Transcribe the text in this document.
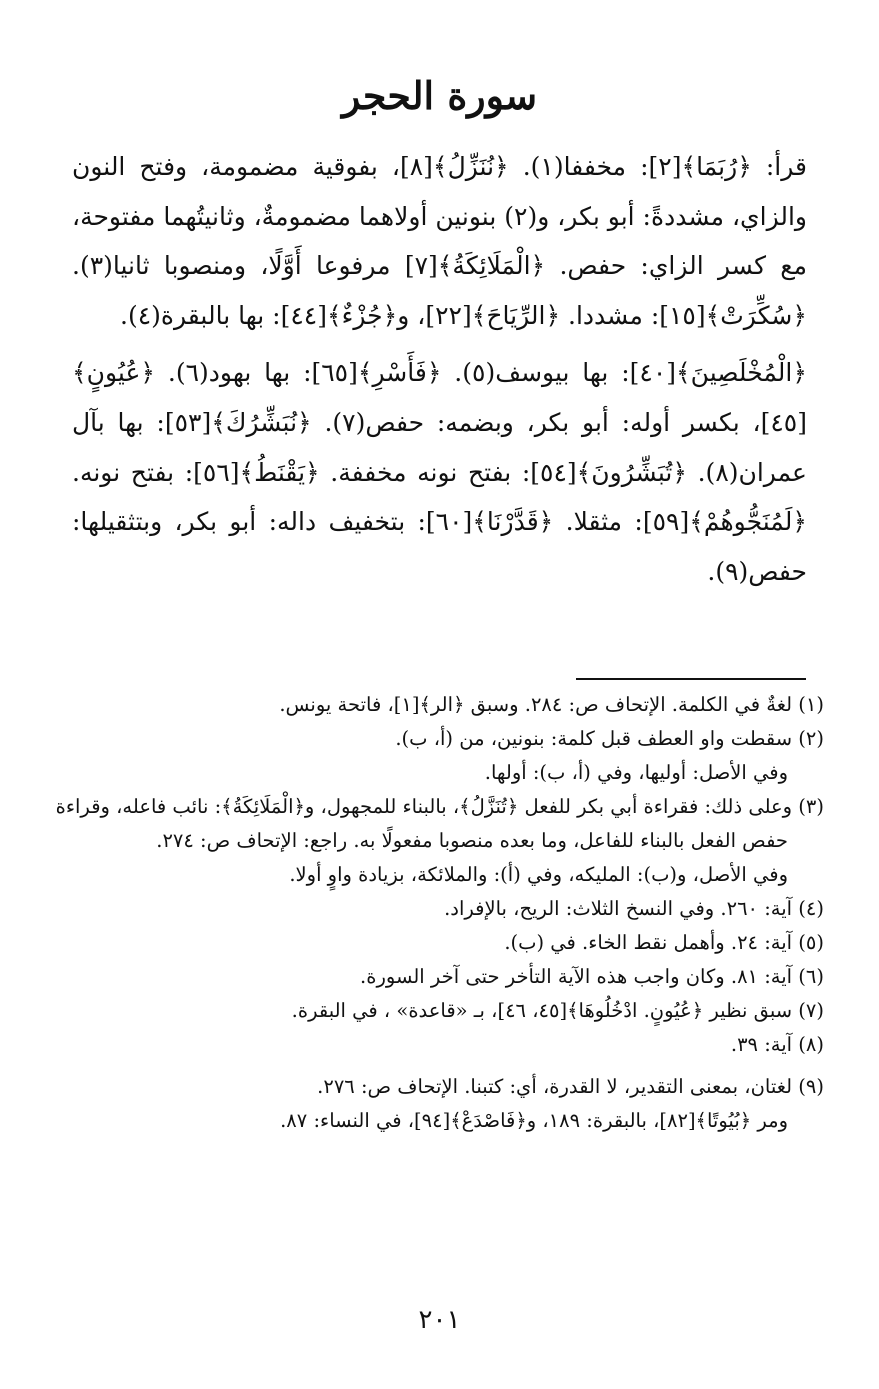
سورة الحجر

قرأ: ﴿رُبَمَا﴾[٢]: مخففا(١). ﴿نُنَزِّلُ﴾[٨]، بفوقية مضمومة، وفتح النون والزاي، مشددةً: أبو بكر، و(٢) بنونين أولاهما مضمومةٌ، وثانيتُهما مفتوحة، مع كسر الزاي: حفص. ﴿الْمَلَائِكَةُ﴾[٧] مرفوعا أَوَّلًا، ومنصوبا ثانيا(٣). ﴿سُكِّرَتْ﴾[١٥]: مشددا. ﴿الرِّيَاحَ﴾[٢٢]، و﴿جُزْءٌ﴾[٤٤]: بها بالبقرة(٤).

﴿الْمُخْلَصِينَ﴾[٤٠]: بها بيوسف(٥). ﴿فَأَسْرِ﴾[٦٥]: بها بهود(٦). ﴿عُيُونٍ﴾[٤٥]، بكسر أوله: أبو بكر، وبضمه: حفص(٧). ﴿نُبَشِّرُكَ﴾[٥٣]: بها بآل عمران(٨). ﴿تُبَشِّرُونَ﴾[٥٤]: بفتح نونه مخففة. ﴿يَقْنَطُ﴾[٥٦]: بفتح نونه. ﴿لَمُنَجُّوهُمْ﴾[٥٩]: مثقلا. ﴿قَدَّرْنَا﴾[٦٠]: بتخفيف داله: أبو بكر، وبتثقيلها: حفص(٩).

(١) لغةٌ في الكلمة. الإتحاف ص: ٢٨٤. وسبق ﴿الر﴾[١]، فاتحة يونس.

(٢) سقطت واو العطف قبل كلمة: بنونين، من (أ، ب).

وفي الأصل: أوليها، وفي (أ، ب): أولها.

(٣) وعلى ذلك: فقراءة أبي بكر للفعل ﴿تُنَزَّلُ﴾، بالبناء للمجهول، و﴿الْمَلَائِكَةُ﴾: نائب فاعله، وقراءة حفص الفعل بالبناء للفاعل، وما بعده منصوبا مفعولًا به. راجع: الإتحاف ص: ٢٧٤.

وفي الأصل، و(ب): المليكه، وفي (أ): والملائكة، بزيادة واوٍ أولا.

(٤) آية: ٢٦٠. وفي النسخ الثلاث: الريح، بالإفراد.

(٥) آية: ٢٤. وأهمل نقط الخاء. في (ب).

(٦) آية: ٨١. وكان واجب هذه الآية التأخر حتى آخر السورة.

(٧) سبق نظير ﴿عُيُونٍ. ادْخُلُوهَا﴾[٤٥، ٤٦]، بـ «قاعدة» ، في البقرة.

(٨) آية: ٣٩.

(٩) لغتان، بمعنى التقدير، لا القدرة، أي: كتبنا. الإتحاف ص: ٢٧٦.

ومر ﴿بُيُوتًا﴾[٨٢]، بالبقرة: ١٨٩، و﴿فَاصْدَعْ﴾[٩٤]، في النساء: ٨٧.

٢٠١
